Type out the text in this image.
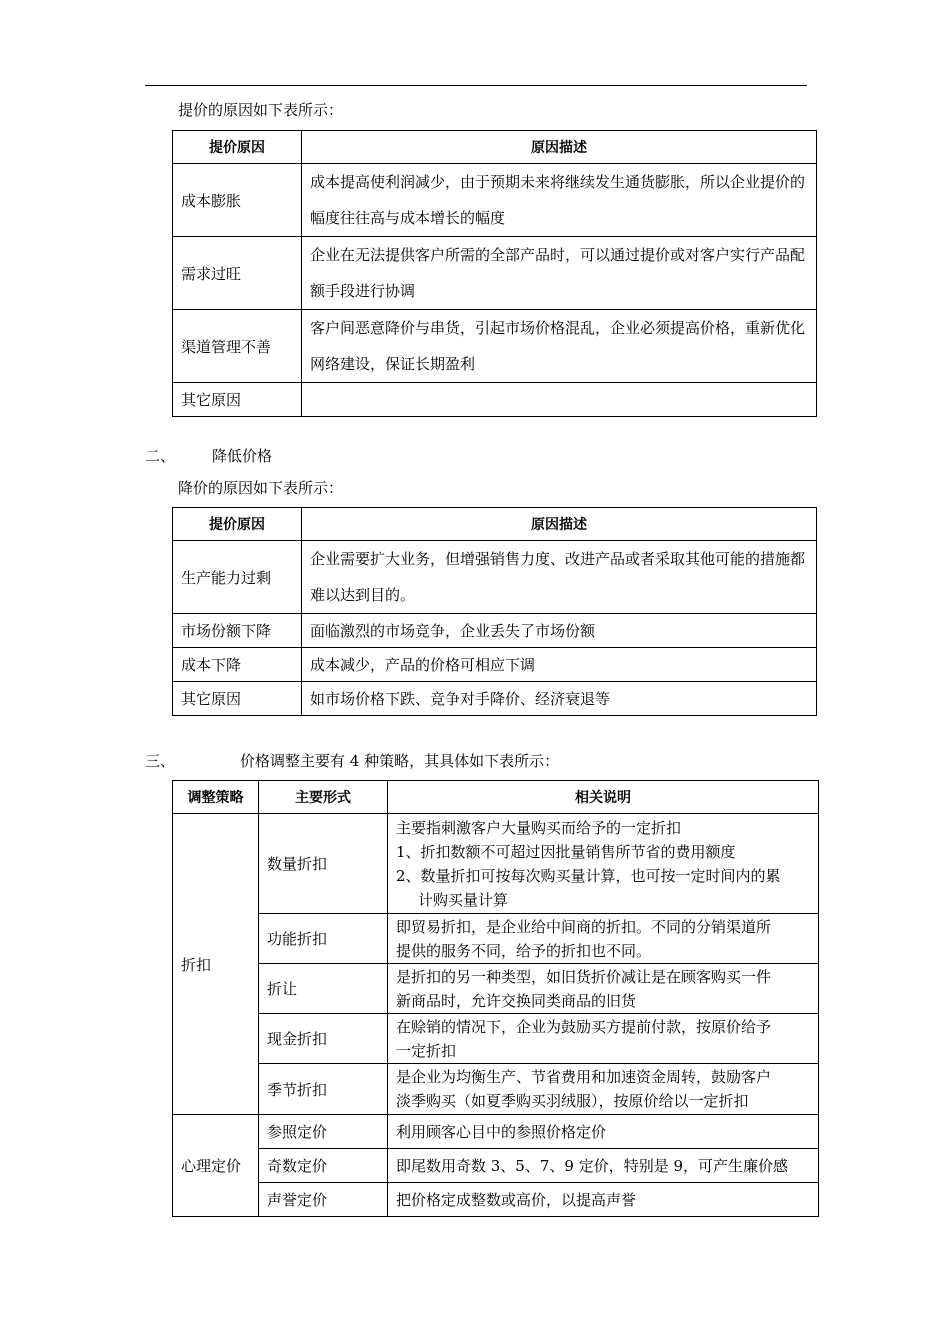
提价的原因如下表所示：
提价原因	原因描述
成本膨胀	成本提高使利润减少，由于预期未来将继续发生通货膨胀，所以企业提价的幅度往往高与成本增长的幅度
需求过旺	企业在无法提供客户所需的全部产品时，可以通过提价或对客户实行产品配额手段进行协调
渠道管理不善	客户间恶意降价与串货，引起市场价格混乱，企业必须提高价格，重新优化网络建设，保证长期盈利
其它原因	
二、 降低价格
降价的原因如下表所示：
提价原因	原因描述
生产能力过剩	企业需要扩大业务，但增强销售力度、改进产品或者采取其他可能的措施都难以达到目的。
市场份额下降	面临激烈的市场竞争，企业丢失了市场份额
成本下降	成本减少，产品的价格可相应下调
其它原因	如市场价格下跌、竞争对手降价、经济衰退等
三、	价格调整主要有 4 种策略，其具体如下表所示：
调整策略	主要形式	相关说明
折扣	数量折扣	主要指刺激客户大量购买而给予的一定折扣
1、折扣数额不可超过因批量销售所节省的费用额度
2、数量折扣可按每次购买量计算，也可按一定时间内的累
计购买量计算

	功能折扣	即贸易折扣，是企业给中间商的折扣。不同的分销渠道所
提供的服务不同，给予的折扣也不同。

	折让	是折扣的另一种类型，如旧货折价减让是在顾客购买一件
新商品时，允许交换同类商品的旧货

	现金折扣	在赊销的情况下，企业为鼓励买方提前付款，按原价给予
一定折扣

	季节折扣	是企业为均衡生产、节省费用和加速资金周转，鼓励客户
淡季购买（如夏季购买羽绒服），按原价给以一定折扣

心理定价	参照定价	利用顾客心目中的参照价格定价
	奇数定价	即尾数用奇数 3、5、7、9 定价，特别是 9，可产生廉价感
	声誉定价	把价格定成整数或高价，以提高声誉
